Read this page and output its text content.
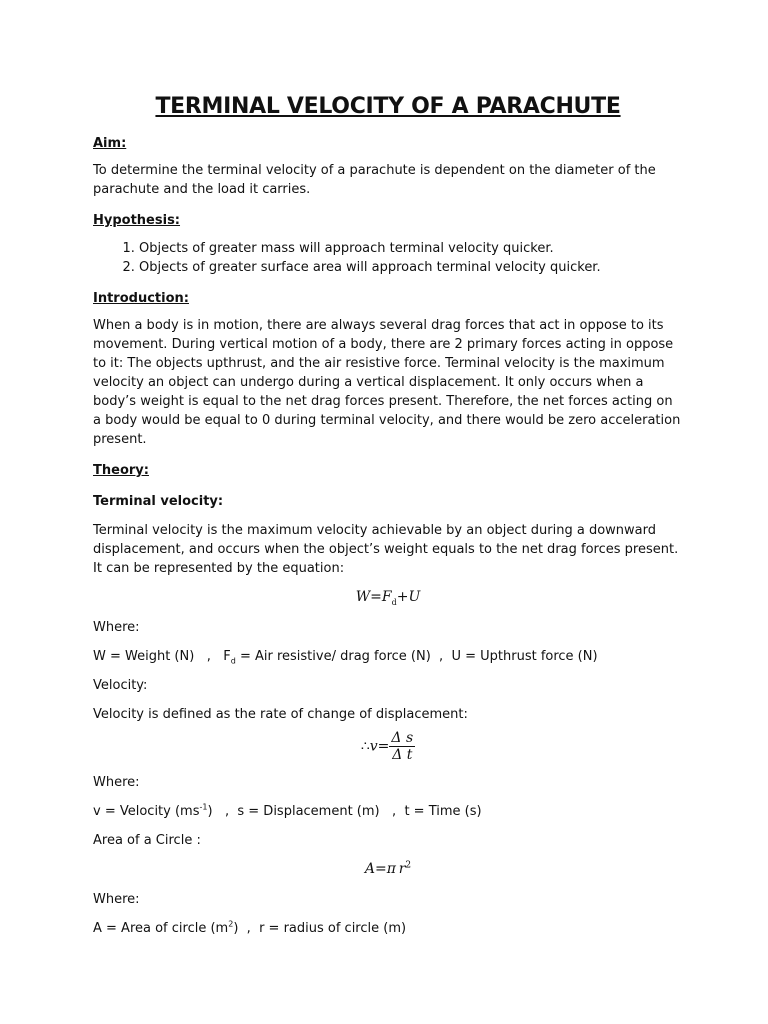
TERMINAL VELOCITY OF A PARACHUTE
Aim:

To determine the terminal velocity of a parachute is dependent on the diameter of the parachute and the load it carries.

Hypothesis:
1. Objects of greater mass will approach terminal velocity quicker.
2. Objects of greater surface area will approach terminal velocity quicker.
Introduction:

When a body is in motion, there are always several drag forces that act in oppose to its movement. During vertical motion of a body, there are 2 primary forces acting in oppose to it: The objects upthrust, and the air resistive force. Terminal velocity is the maximum velocity an object can undergo during a vertical displacement. It only occurs when a body’s weight is equal to the net drag forces present. Therefore, the net forces acting on a body would be equal to 0 during terminal velocity, and there would be zero acceleration present.

Theory:
Terminal velocity:

Terminal velocity is the maximum velocity achievable by an object during a downward displacement, and occurs when the object’s weight equals to the net drag forces present. It can be represented by the equation:

$W=F_d+U$

Where:

W = Weight (N) , $F_d$ = Air resistive/ drag force (N) , U = Upthrust force (N)

Velocity:

Velocity is defined as the rate of change of displacement:

∴v= $\frac{\text{Δ s}}{\text{Δ t}}$

Where:

v = Velocity $(ms^{-1})$ , s = Displacement (m) , t = Time (s)

Area of a Circle :

A=π  $r^2$

Where:

A = Area of circle $(m^2)$ , r = radius of circle (m)
